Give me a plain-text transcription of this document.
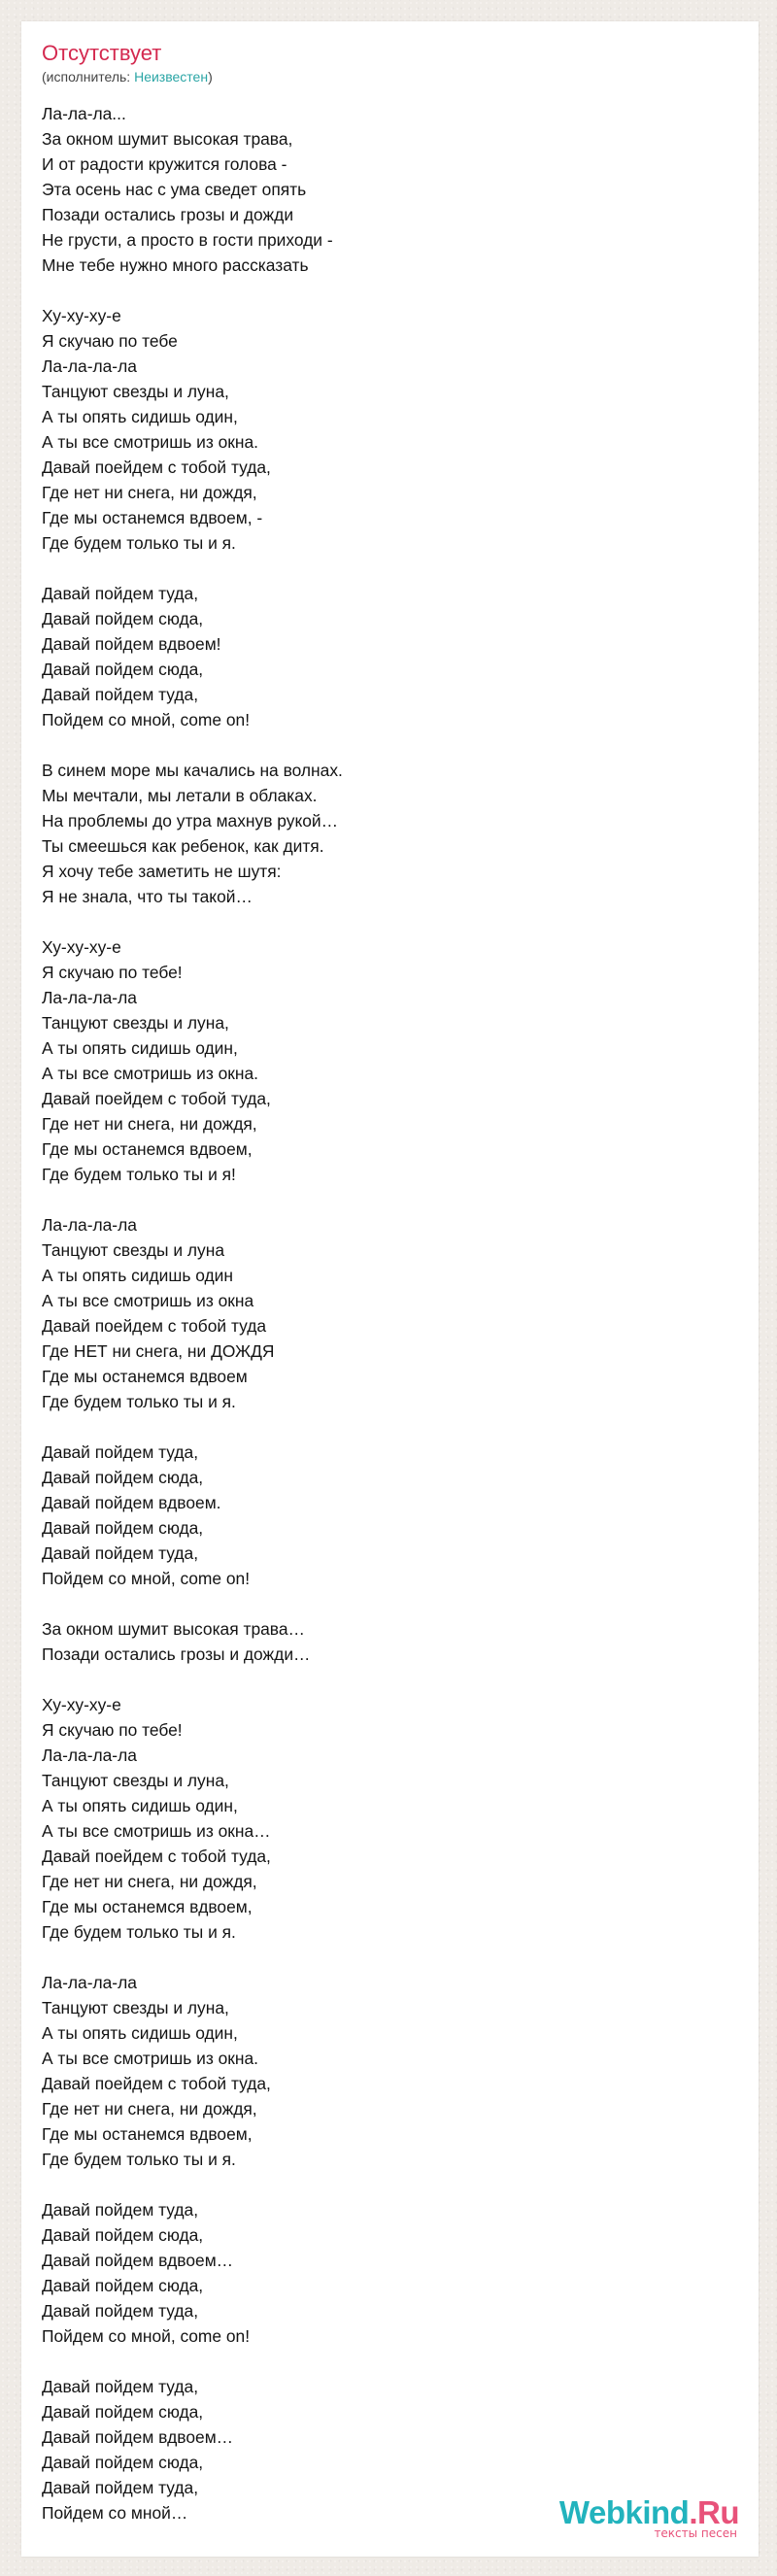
Отсутствует

(исполнитель: Неизвестен)

Ла-ла-ла...
За окном шумит высокая трава,
И от радости кружится голова -
Эта осень нас с ума сведет опять
Позади остались грозы и дожди
Не грусти, а просто в гости приходи -
Мне тебе нужно много рассказать
Ху-ху-ху-е
Я скучаю по тебе
Ла-ла-ла-ла
Танцуют свезды и луна,
А ты опять сидишь один,
А ты все смотришь из окна.
Давай поейдем с тобой туда,
Где нет ни снега, ни дождя,
Где мы останемся вдвоем, -
Где будем только ты и я.
Давай пойдем туда,
Давай пойдем сюда,
Давай пойдем вдвоем!
Давай пойдем сюда,
Давай пойдем туда,
Пойдем со мной, come on!
В синем море мы качались на волнах.
Мы мечтали, мы летали в облаках.
На проблемы до утра махнув рукой…
Ты смеешься как ребенок, как дитя.
Я хочу тебе заметить не шутя:
Я не знала, что ты такой…
Ху-ху-ху-е
Я скучаю по тебе!
Ла-ла-ла-ла
Танцуют свезды и луна,
А ты опять сидишь один,
А ты все смотришь из окна.
Давай поейдем с тобой туда,
Где нет ни снега, ни дождя,
Где мы останемся вдвоем,
Где будем только ты и я!
Ла-ла-ла-ла
Танцуют свезды и луна
А ты опять сидишь один
А ты все смотришь из окна
Давай поейдем с тобой туда
Где НЕТ ни снега, ни ДОЖДЯ
Где мы останемся вдвоем
Где будем только ты и я.
Давай пойдем туда,
Давай пойдем сюда,
Давай пойдем вдвоем.
Давай пойдем сюда,
Давай пойдем туда,
Пойдем со мной, come on!
За окном шумит высокая трава…
Позади остались грозы и дожди…
Ху-ху-ху-е
Я скучаю по тебе!
Ла-ла-ла-ла
Танцуют свезды и луна,
А ты опять сидишь один,
А ты все смотришь из окна…
Давай поейдем с тобой туда,
Где нет ни снега, ни дождя,
Где мы останемся вдвоем,
Где будем только ты и я.
Ла-ла-ла-ла
Танцуют свезды и луна,
А ты опять сидишь один,
А ты все смотришь из окна.
Давай поейдем с тобой туда,
Где нет ни снега, ни дождя,
Где мы останемся вдвоем,
Где будем только ты и я.
Давай пойдем туда,
Давай пойдем сюда,
Давай пойдем вдвоем…
Давай пойдем сюда,
Давай пойдем туда,
Пойдем со мной, come on!
Давай пойдем туда,
Давай пойдем сюда,
Давай пойдем вдвоем…
Давай пойдем сюда,
Давай пойдем туда,
Пойдем со мной…	Webkind.Ru
тексты песен
